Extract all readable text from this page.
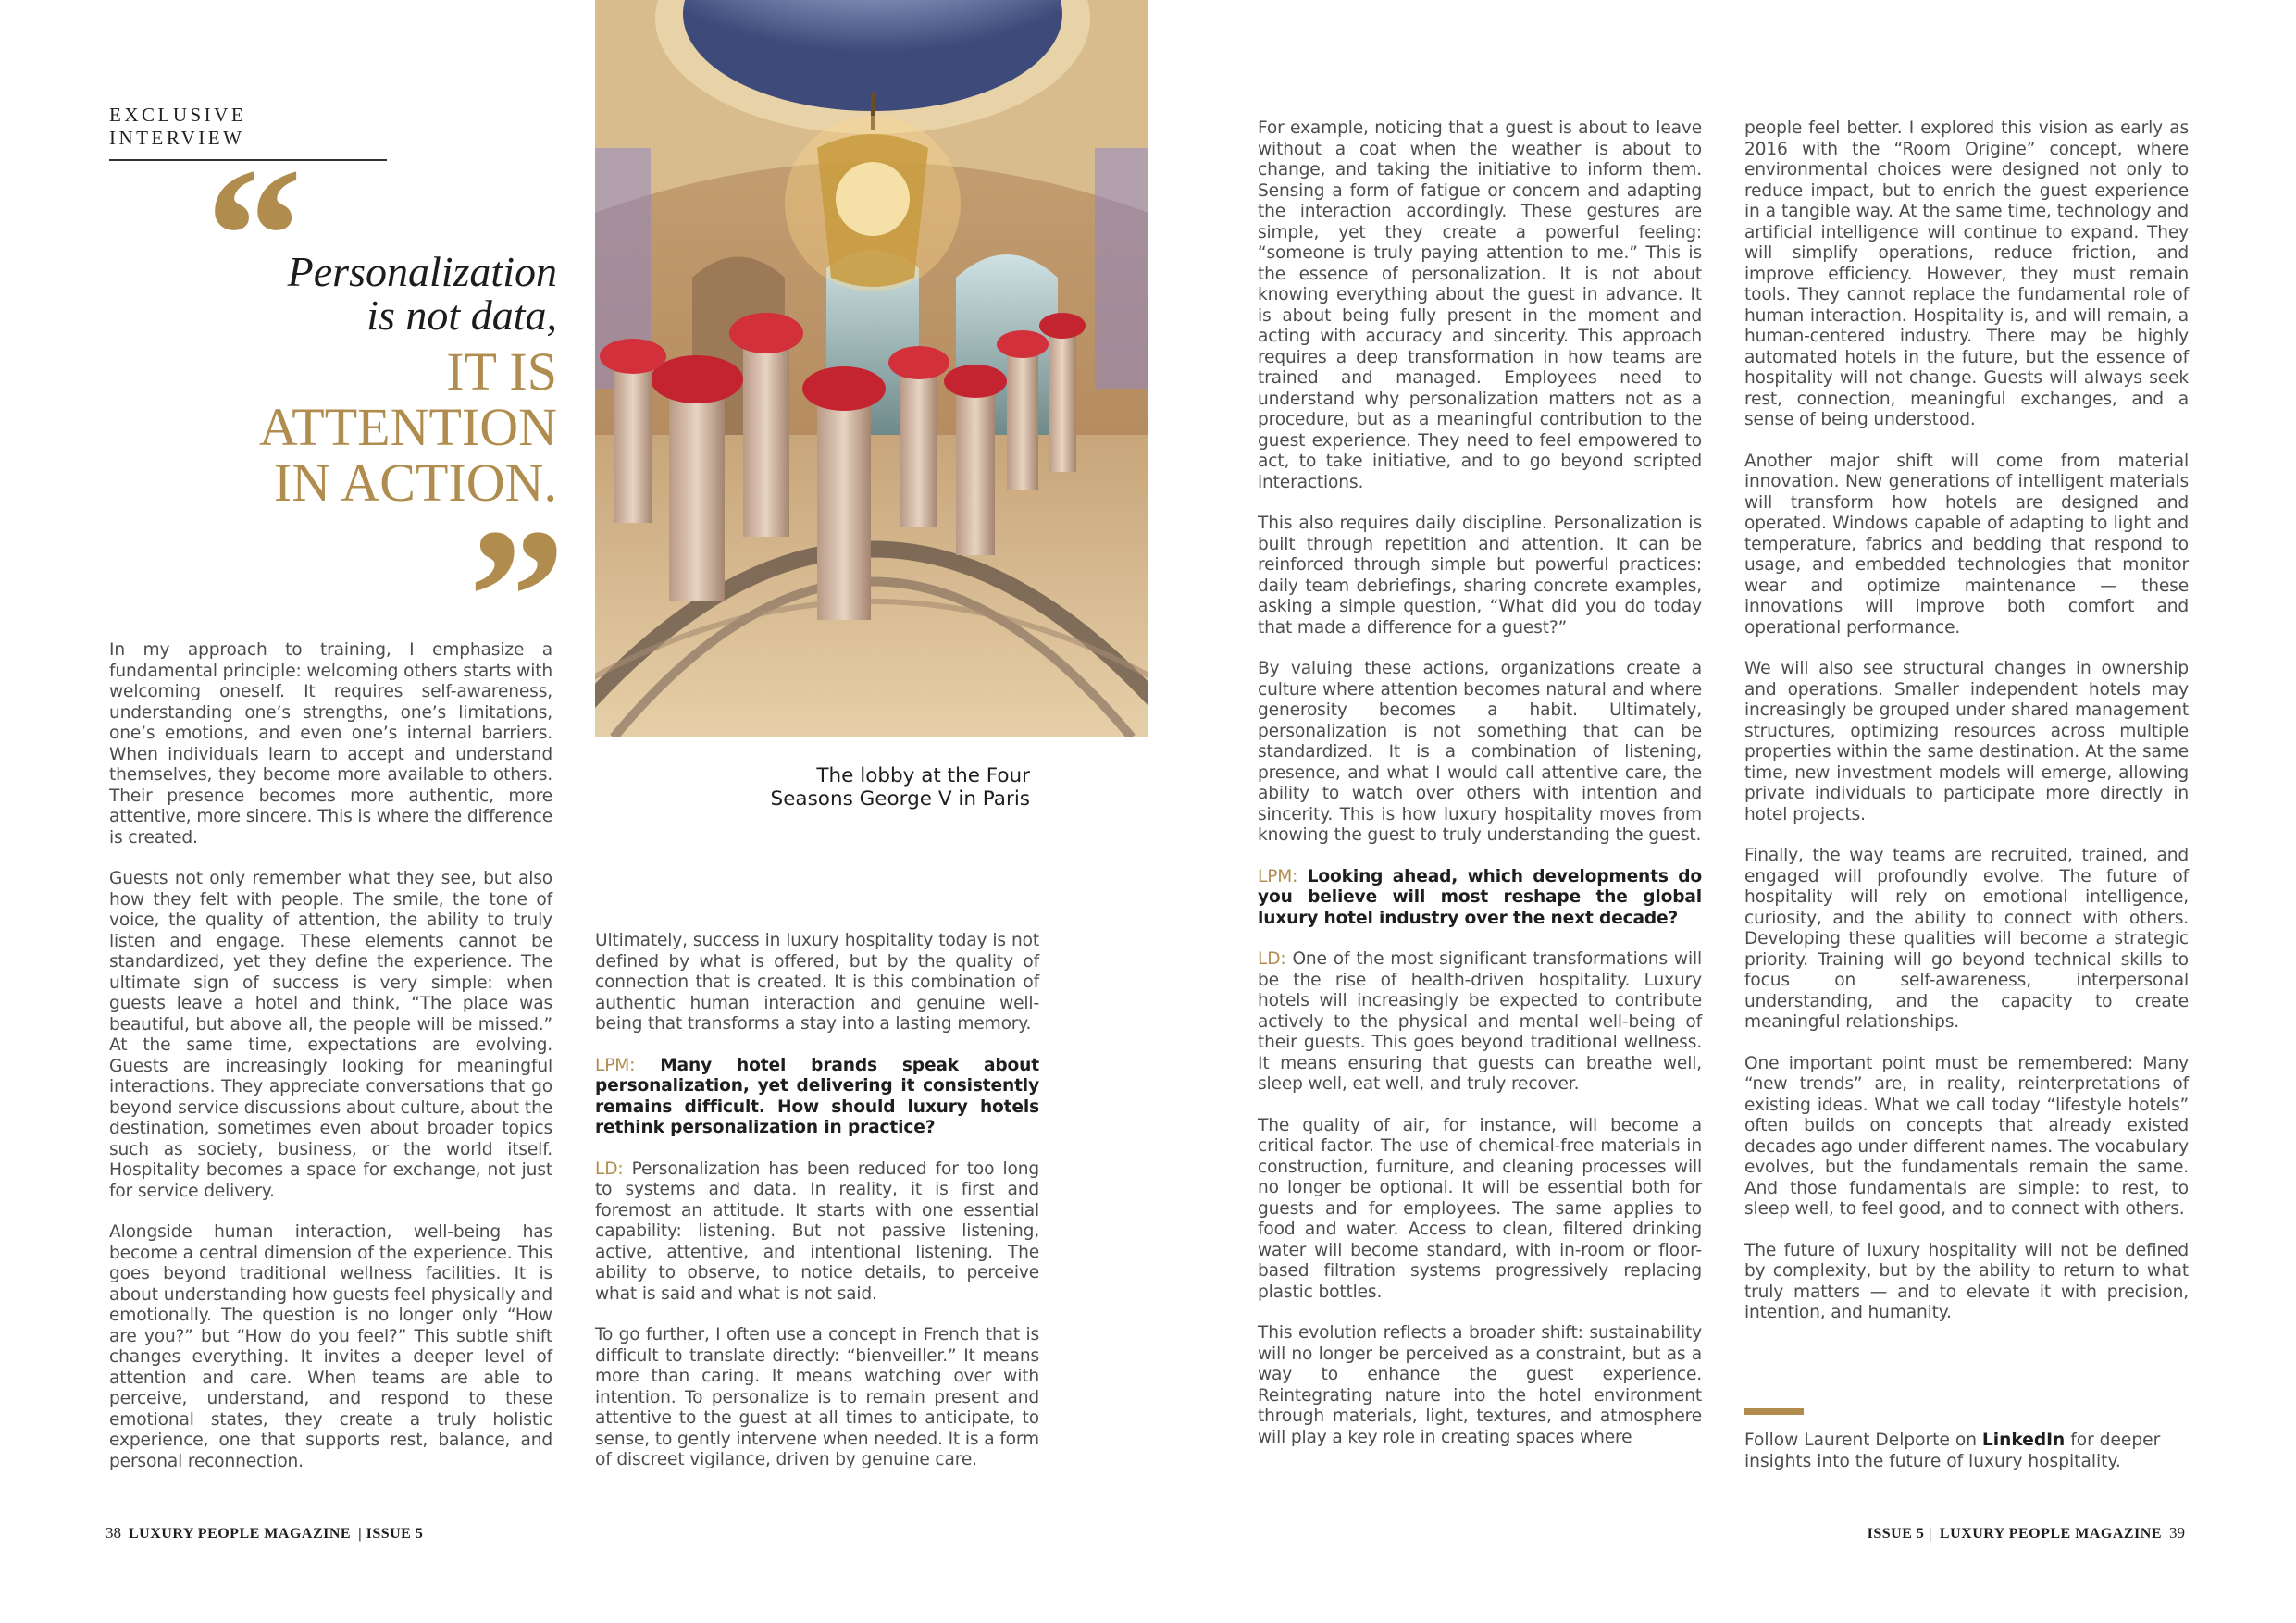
EXCLUSIVE INTERVIEW
“
Personalization
is not data,
IT IS
ATTENTION
IN ACTION.
”
The lobby at the Four
Seasons George V in Paris

In my approach to training, I emphasize a fundamental principle: welcoming others starts with welcoming oneself. It requires self-awareness, understanding one’s strengths, one’s limitations, one’s emotions, and even one’s internal barriers. When individuals learn to accept and understand themselves, they become more available to others. Their presence becomes more authentic, more attentive, more sincere. This is where the difference is created.

Guests not only remember what they see, but also how they felt with people. The smile, the tone of voice, the quality of attention, the ability to truly listen and engage. These elements cannot be standardized, yet they define the experience. The ultimate sign of success is very simple: when guests leave a hotel and think, “The place was beautiful, but above all, the people will be missed.” At the same time, expectations are evolving. Guests are increasingly looking for meaningful interactions. They appreciate conversations that go beyond service discussions about culture, about the destination, sometimes even about broader topics such as society, business, or the world itself. Hospitality becomes a space for exchange, not just for service delivery.

Alongside human interaction, well-being has become a central dimension of the experience. This goes beyond traditional wellness facilities. It is about understanding how guests feel physically and emotionally. The question is no longer only “How are you?” but “How do you feel?” This subtle shift changes everything. It invites a deeper level of attention and care. When teams are able to perceive, understand, and respond to these emotional states, they create a truly holistic experience, one that supports rest, balance, and personal reconnection.

Ultimately, success in luxury hospitality today is not defined by what is offered, but by the quality of connection that is created. It is this combination of authentic human interaction and genuine well-being that transforms a stay into a lasting memory.

LPM: Many hotel brands speak about personalization, yet delivering it consistently remains difficult. How should luxury hotels rethink personalization in practice?

LD: Personalization has been reduced for too long to systems and data. In reality, it is first and foremost an attitude. It starts with one essential capability: listening. But not passive listening, active, attentive, and intentional listening. The ability to observe, to notice details, to perceive what is said and what is not said.

To go further, I often use a concept in French that is difficult to translate directly: “bienveiller.” It means more than caring. It means watching over with intention. To personalize is to remain present and attentive to the guest at all times to anticipate, to sense, to gently intervene when needed. It is a form of discreet vigilance, driven by genuine care.

For example, noticing that a guest is about to leave without a coat when the weather is about to change, and taking the initiative to inform them. Sensing a form of fatigue or concern and adapting the interaction accordingly. These gestures are simple, yet they create a powerful feeling: “someone is truly paying attention to me.” This is the essence of personalization. It is not about knowing everything about the guest in advance. It is about being fully present in the moment and acting with accuracy and sincerity. This approach requires a deep transformation in how teams are trained and managed. Employees need to understand why personalization matters not as a procedure, but as a meaningful contribution to the guest experience. They need to feel empowered to act, to take initiative, and to go beyond scripted interactions.

This also requires daily discipline. Personalization is built through repetition and attention. It can be reinforced through simple but powerful practices: daily team debriefings, sharing concrete examples, asking a simple question, “What did you do today that made a difference for a guest?”

By valuing these actions, organizations create a culture where attention becomes natural and where generosity becomes a habit. Ultimately, personalization is not something that can be standardized. It is a combination of listening, presence, and what I would call attentive care, the ability to watch over others with intention and sincerity. This is how luxury hospitality moves from knowing the guest to truly understanding the guest.

LPM: Looking ahead, which developments do you believe will most reshape the global luxury hotel industry over the next decade?

LD: One of the most significant transformations will be the rise of health-driven hospitality. Luxury hotels will increasingly be expected to contribute actively to the physical and mental well-being of their guests. This goes beyond traditional wellness. It means ensuring that guests can breathe well, sleep well, eat well, and truly recover.

The quality of air, for instance, will become a critical factor. The use of chemical-free materials in construction, furniture, and cleaning processes will no longer be optional. It will be essential both for guests and for employees. The same applies to food and water. Access to clean, filtered drinking water will become standard, with in-room or floor-based filtration systems progressively replacing plastic bottles.

This evolution reflects a broader shift: sustainability will no longer be perceived as a constraint, but as a way to enhance the guest experience. Reintegrating nature into the hotel environment through materials, light, textures, and atmosphere will play a key role in creating spaces where

people feel better. I explored this vision as early as 2016 with the “Room Origine” concept, where environmental choices were designed not only to reduce impact, but to enrich the guest experience in a tangible way. At the same time, technology and artificial intelligence will continue to expand. They will simplify operations, reduce friction, and improve efficiency. However, they must remain tools. They cannot replace the fundamental role of human interaction. Hospitality is, and will remain, a human-centered industry. There may be highly automated hotels in the future, but the essence of hospitality will not change. Guests will always seek rest, connection, meaningful exchanges, and a sense of being understood.

Another major shift will come from material innovation. New generations of intelligent materials will transform how hotels are designed and operated. Windows capable of adapting to light and temperature, fabrics and bedding that respond to usage, and embedded technologies that monitor wear and optimize maintenance — these innovations will improve both comfort and operational performance.

We will also see structural changes in ownership and operations. Smaller independent hotels may increasingly be grouped under shared management structures, optimizing resources across multiple properties within the same destination. At the same time, new investment models will emerge, allowing private individuals to participate more directly in hotel projects.

Finally, the way teams are recruited, trained, and engaged will profoundly evolve. The future of hospitality will rely on emotional intelligence, curiosity, and the ability to connect with others. Developing these qualities will become a strategic priority. Training will go beyond technical skills to focus on self-awareness, interpersonal understanding, and the capacity to create meaningful relationships.

One important point must be remembered: Many “new trends” are, in reality, reinterpretations of existing ideas. What we call today “lifestyle hotels” often builds on concepts that already existed decades ago under different names. The vocabulary evolves, but the fundamentals remain the same. And those fundamentals are simple: to rest, to sleep well, to feel good, and to connect with others.

The future of luxury hospitality will not be defined by complexity, but by the ability to return to what truly matters — and to elevate it with precision, intention, and humanity.

Follow Laurent Delporte on LinkedIn for deeper insights into the future of luxury hospitality.
38 LUXURY PEOPLE MAGAZINE | ISSUE 5	ISSUE 5 | LUXURY PEOPLE MAGAZINE 39
